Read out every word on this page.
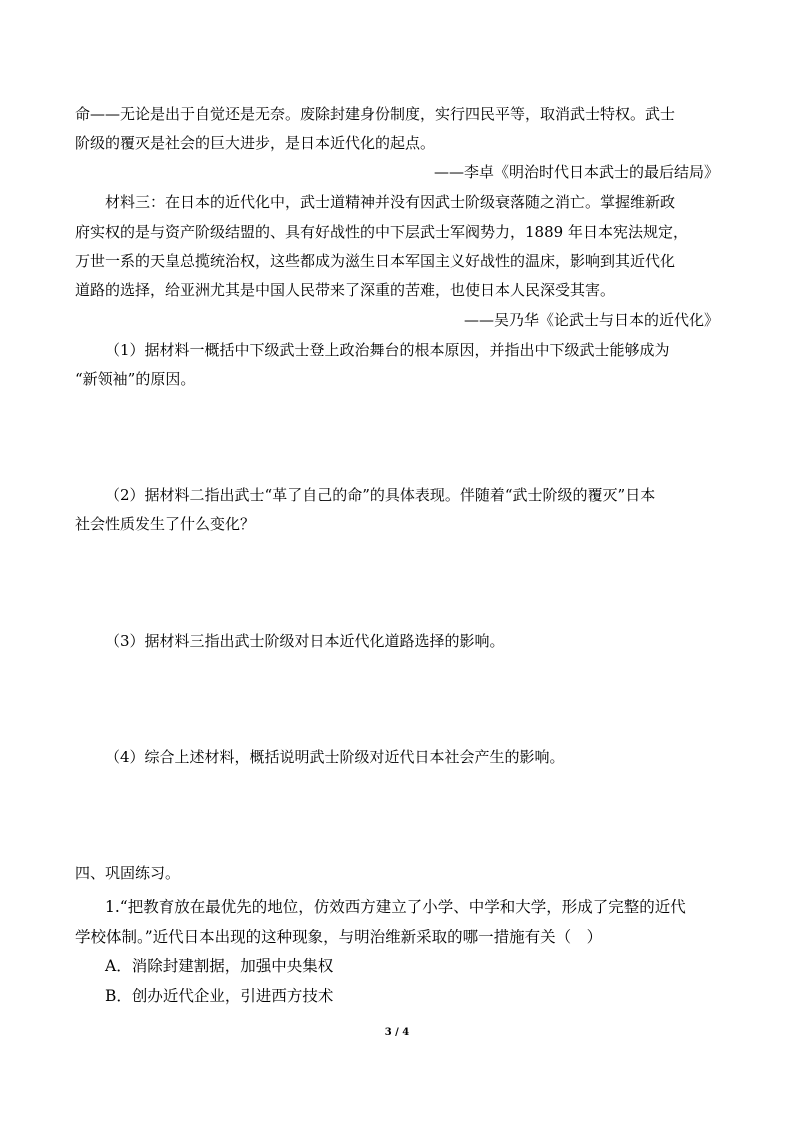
命——无论是出于自觉还是无奈。废除封建身份制度，实行四民平等，取消武士特权。武士
阶级的覆灭是社会的巨大进步，是日本近代化的起点。
——李卓《明治时代日本武士的最后结局》
材料三：在日本的近代化中，武士道精神并没有因武士阶级衰落随之消亡。掌握维新政
府实权的是与资产阶级结盟的、具有好战性的中下层武士军阀势力，1889 年日本宪法规定，
万世一系的天皇总揽统治权，这些都成为滋生日本军国主义好战性的温床，影响到其近代化
道路的选择，给亚洲尤其是中国人民带来了深重的苦难，也使日本人民深受其害。
——吴乃华《论武士与日本的近代化》
（1）据材料一概括中下级武士登上政治舞台的根本原因，并指出中下级武士能够成为
“新领袖”的原因。
（2）据材料二指出武士“革了自己的命”的具体表现。伴随着“武士阶级的覆灭”日本
社会性质发生了什么变化？
（3）据材料三指出武士阶级对日本近代化道路选择的影响。
（4）综合上述材料，概括说明武士阶级对近代日本社会产生的影响。
四、巩固练习。
1.“把教育放在最优先的地位，仿效西方建立了小学、中学和大学，形成了完整的近代
学校体制。”近代日本出现的这种现象，与明治维新采取的哪一措施有关（　）
A．消除封建割据，加强中央集权
B．创办近代企业，引进西方技术
3 / 4
